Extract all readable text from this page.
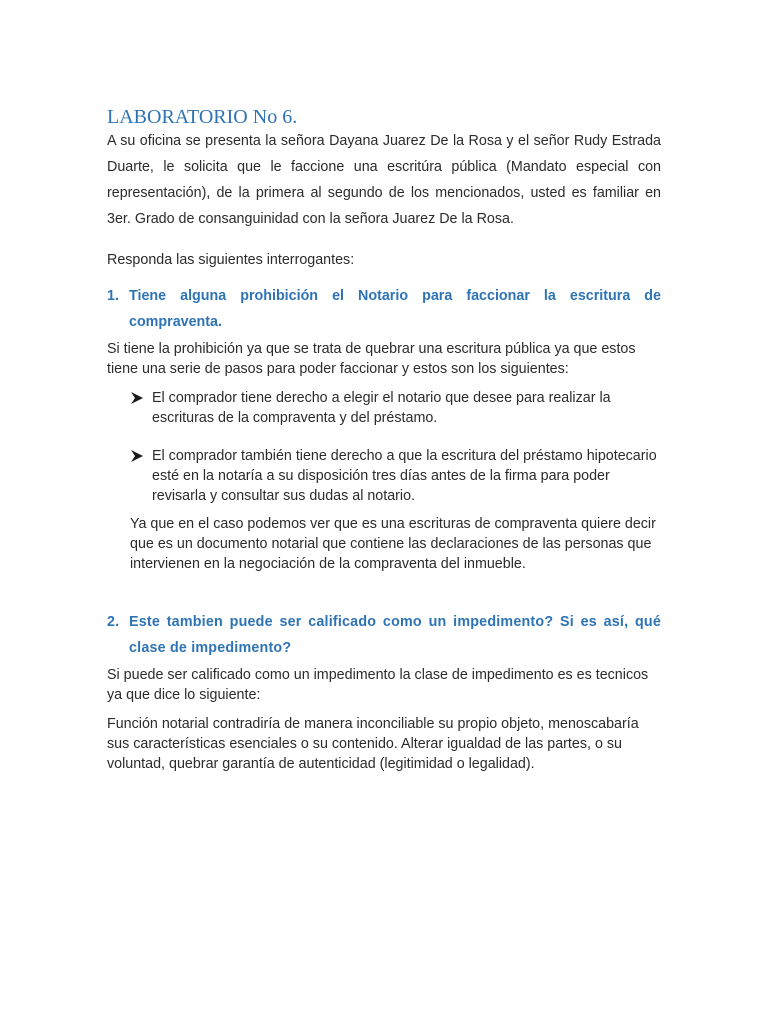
LABORATORIO No 6.
A su oficina se presenta la señora Dayana Juarez De la Rosa y el señor Rudy Estrada Duarte, le solicita que le faccione una escritúra pública (Mandato especial con representación), de la primera al segundo de los mencionados, usted es familiar en 3er. Grado de consanguinidad con la señora Juarez De la Rosa.
Responda las siguientes interrogantes:
1. Tiene alguna prohibición el Notario para faccionar la escritura de compraventa.
Si tiene la prohibición ya que se trata de quebrar una escritura pública ya que estos tiene una serie de pasos para poder faccionar y estos son los siguientes:
El comprador tiene derecho a elegir el notario que desee para realizar la escrituras de la compraventa y del préstamo.
El comprador también tiene derecho a que la escritura del préstamo hipotecario esté en la notaría a su disposición tres días antes de la firma para poder revisarla y consultar sus dudas al notario.
Ya que en el caso podemos ver que es una escrituras de compraventa quiere decir que es un documento notarial que contiene las declaraciones de las personas que intervienen en la negociación de la compraventa del inmueble.
2. Este tambien puede ser calificado como un impedimento? Si es así, qué clase de impedimento?
Si puede ser calificado como un impedimento la clase de impedimento es es tecnicos ya que dice lo siguiente:
Función notarial contradiría de manera inconciliable su propio objeto, menoscabaría sus características esenciales o su contenido. Alterar igualdad de las partes, o su voluntad, quebrar garantía de autenticidad (legitimidad o legalidad).
